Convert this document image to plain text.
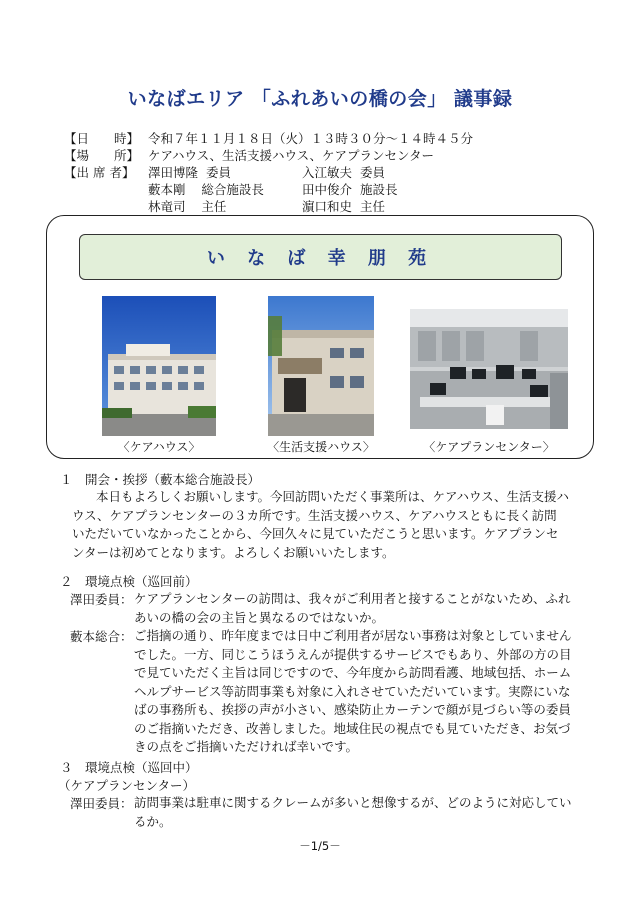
いなばエリア 「ふれあいの橋の会」 議事録
【日　　時】 令和７年１１月１８日（火）１３時３０分～１４時４５分
【場　　所】 ケアハウス、生活支援ハウス、ケアプランセンター
【出 席 者】	澤田博隆  委員	入江敏夫  委員
藪本剛    総合施設長	田中俊介  施設長
林竜司    主任	濵口和史  主任
い な ば 幸 朋 苑
〈ケアハウス〉	〈生活支援ハウス〉	〈ケアプランセンター〉
１　開会・挨拶（藪本総合施設長）
本日もよろしくお願いします。今回訪問いただく事業所は、ケアハウス、生活支援ハ
ウス、ケアプランセンターの３カ所です。生活支援ハウス、ケアハウスともに長く訪問
いただいていなかったことから、今回久々に見ていただこうと思います。ケアプランセ
ンターは初めてとなります。よろしくお願いいたします。
２　環境点検（巡回前）
澤田委員： ケアプランセンターの訪問は、我々がご利用者と接することがないため、ふれ
あいの橋の会の主旨と異なるのではないか。
藪本総合： ご指摘の通り、昨年度までは日中ご利用者が居ない事務は対象としていません
でした。一方、同じこうほうえんが提供するサービスでもあり、外部の方の目
で見ていただく主旨は同じですので、今年度から訪問看護、地域包括、ホーム
ヘルプサービス等訪問事業も対象に入れさせていただいています。実際にいな
ばの事務所も、挨拶の声が小さい、感染防止カーテンで顔が見づらい等の委員
のご指摘いただき、改善しました。地域住民の視点でも見ていただき、お気づ
きの点をご指摘いただければ幸いです。
３　環境点検（巡回中）
（ケアプランセンター）
澤田委員： 訪問事業は駐車に関するクレームが多いと想像するが、どのように対応してい
るか。
－1/5－
